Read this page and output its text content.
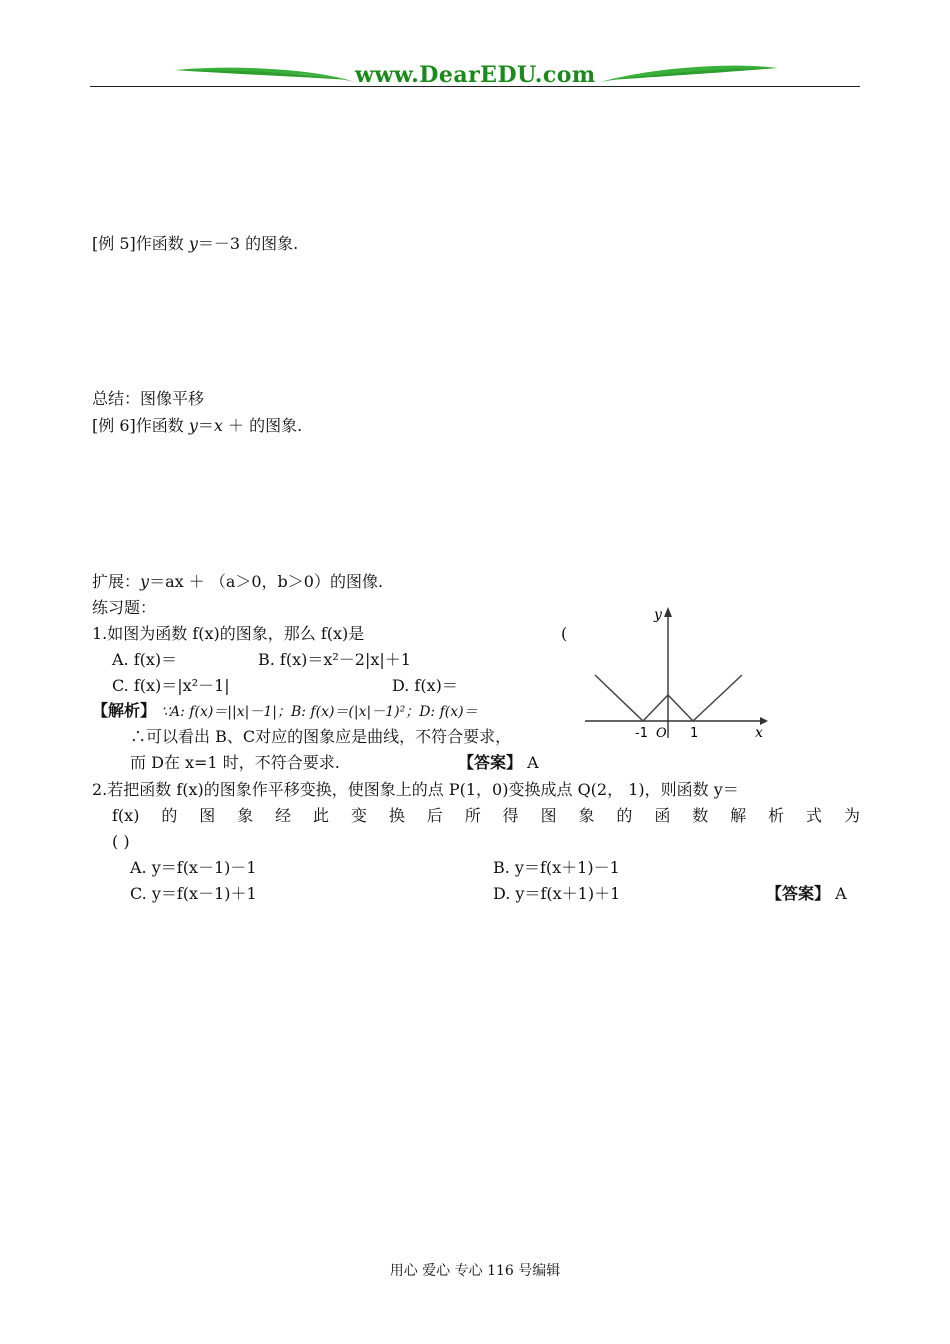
www.DearEDU.com
[例 5]作函数 y＝－3 的图象.
总结：图像平移
[例 6]作函数 y＝x ＋ 的图象.
扩展：y＝ax ＋ （a＞0，b＞0）的图像.
练习题：
1.如图为函数 f(x)的图象，那么 f(x)是	(
A. f(x)＝	B. f(x)＝x²－2|x|＋1
C. f(x)＝|x²－1|	D. f(x)＝
【解析】 ∵A: f(x)＝||x|－1|；B: f(x)＝(|x|－1)²；D: f(x)＝
∴可以看出 B、C对应的图象应是曲线，不符合要求，
而 D在 x=1 时，不符合要求.	【答案】 A
y
x
O
-1	1
2.若把函数 f(x)的图象作平移变换，使图象上的点 P(1，0)变换成点 Q(2， 1)，则函数 y＝
f(x) 的 图 象 经 此 变 换 后 所 得 图 象 的 函 数 解 析 式 为
( )
A. y＝f(x－1)－1	B. y＝f(x＋1)－1
C. y＝f(x－1)＋1	D. y＝f(x＋1)＋1	【答案】 A
用心 爱心 专心 116 号编辑
